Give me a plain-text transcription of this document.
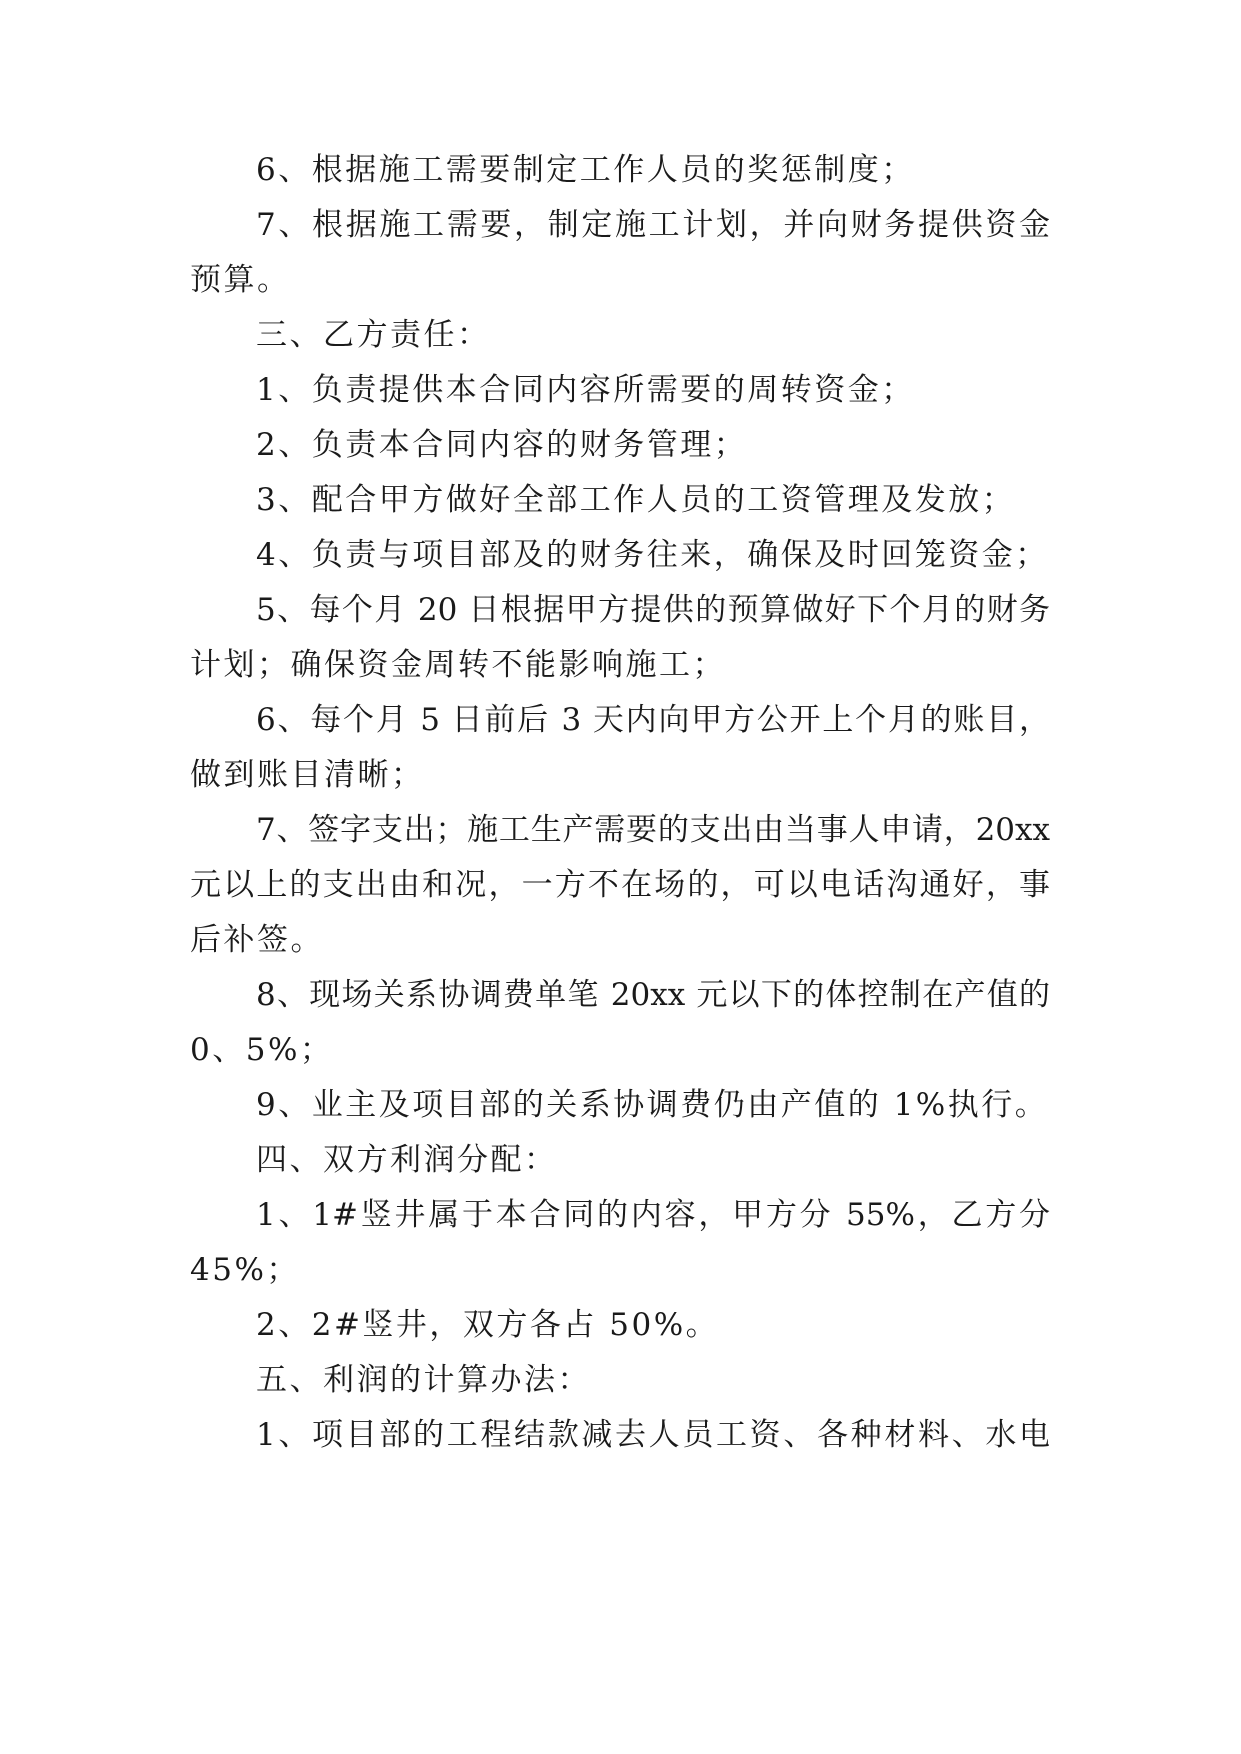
6、根据施工需要制定工作人员的奖惩制度；

7、根据施工需要，制定施工计划，并向财务提供资金

预算。

三、乙方责任：

1、负责提供本合同内容所需要的周转资金；

2、负责本合同内容的财务管理；

3、配合甲方做好全部工作人员的工资管理及发放；

4、负责与项目部及的财务往来，确保及时回笼资金；

5、每个月 20 日根据甲方提供的预算做好下个月的财务

计划；确保资金周转不能影响施工；

6、每个月 5 日前后 3 天内向甲方公开上个月的账目，

做到账目清晰；

7、签字支出；施工生产需要的支出由当事人申请，20xx

元以上的支出由和况，一方不在场的，可以电话沟通好，事

后补签。

8、现场关系协调费单笔 20xx 元以下的体控制在产值的

0、5%；

9、业主及项目部的关系协调费仍由产值的 1%执行。

四、双方利润分配：

1、1#竖井属于本合同的内容，甲方分 55%，乙方分

45%；

2、2#竖井，双方各占 50%。

五、利润的计算办法：

1、项目部的工程结款减去人员工资、各种材料、水电
